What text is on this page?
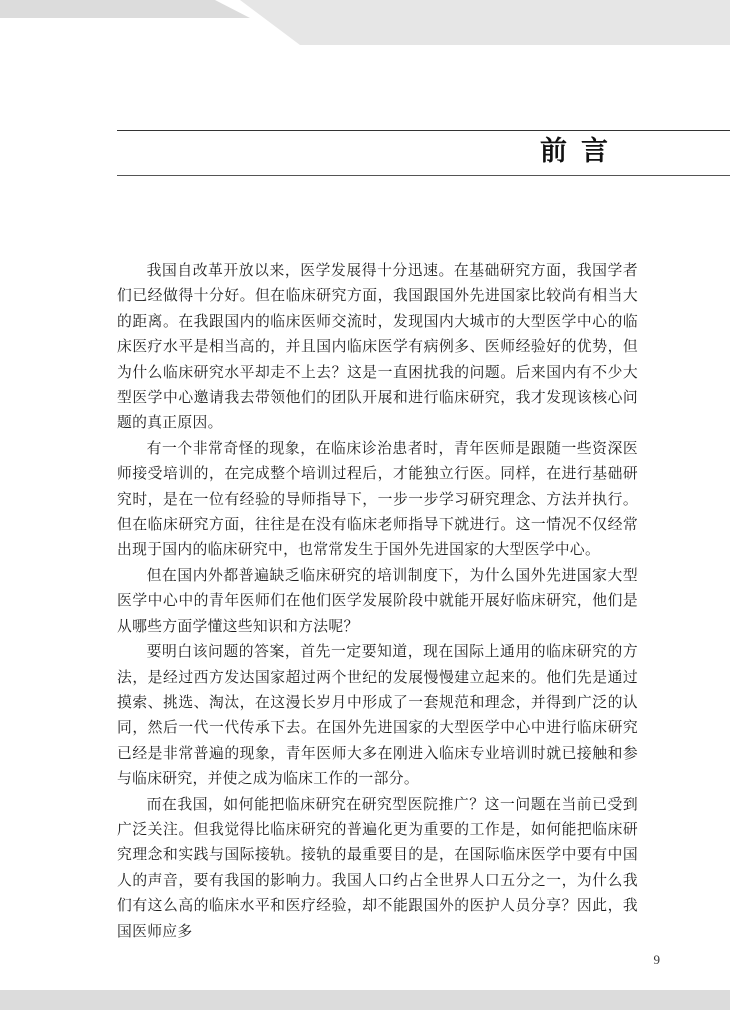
前言

我国自改革开放以来，医学发展得十分迅速。在基础研究方面，我国学者们已经做得十分好。但在临床研究方面，我国跟国外先进国家比较尚有相当大的距离。在我跟国内的临床医师交流时，发现国内大城市的大型医学中心的临床医疗水平是相当高的，并且国内临床医学有病例多、医师经验好的优势，但为什么临床研究水平却走不上去？这是一直困扰我的问题。后来国内有不少大型医学中心邀请我去带领他们的团队开展和进行临床研究，我才发现该核心问题的真正原因。

有一个非常奇怪的现象，在临床诊治患者时，青年医师是跟随一些资深医师接受培训的，在完成整个培训过程后，才能独立行医。同样，在进行基础研究时，是在一位有经验的导师指导下，一步一步学习研究理念、方法并执行。但在临床研究方面，往往是在没有临床老师指导下就进行。这一情况不仅经常出现于国内的临床研究中，也常常发生于国外先进国家的大型医学中心。

但在国内外都普遍缺乏临床研究的培训制度下，为什么国外先进国家大型医学中心中的青年医师们在他们医学发展阶段中就能开展好临床研究，他们是从哪些方面学懂这些知识和方法呢？

要明白该问题的答案，首先一定要知道，现在国际上通用的临床研究的方法，是经过西方发达国家超过两个世纪的发展慢慢建立起来的。他们先是通过摸索、挑选、淘汰，在这漫长岁月中形成了一套规范和理念，并得到广泛的认同，然后一代一代传承下去。在国外先进国家的大型医学中心中进行临床研究已经是非常普遍的现象，青年医师大多在刚进入临床专业培训时就已接触和参与临床研究，并使之成为临床工作的一部分。

而在我国，如何能把临床研究在研究型医院推广？这一问题在当前已受到广泛关注。但我觉得比临床研究的普遍化更为重要的工作是，如何能把临床研究理念和实践与国际接轨。接轨的最重要目的是，在国际临床医学中要有中国人的声音，要有我国的影响力。我国人口约占全世界人口五分之一，为什么我们有这么高的临床水平和医疗经验，却不能跟国外的医护人员分享？因此，我国医师应多

9
